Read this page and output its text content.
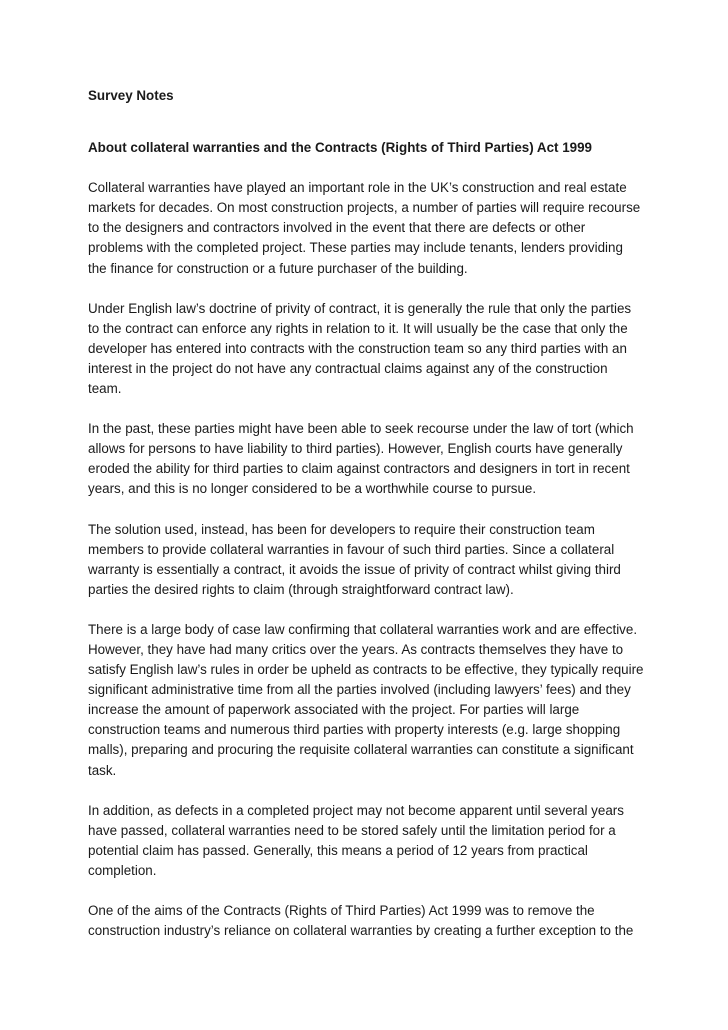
Survey Notes
About collateral warranties and the Contracts (Rights of Third Parties) Act 1999

Collateral warranties have played an important role in the UK’s construction and real estate markets for decades. On most construction projects, a number of parties will require recourse to the designers and contractors involved in the event that there are defects or other problems with the completed project. These parties may include tenants, lenders providing the finance for construction or a future purchaser of the building.

Under English law’s doctrine of privity of contract, it is generally the rule that only the parties to the contract can enforce any rights in relation to it. It will usually be the case that only the developer has entered into contracts with the construction team so any third parties with an interest in the project do not have any contractual claims against any of the construction team.

In the past, these parties might have been able to seek recourse under the law of tort (which allows for persons to have liability to third parties). However, English courts have generally eroded the ability for third parties to claim against contractors and designers in tort in recent years, and this is no longer considered to be a worthwhile course to pursue.

The solution used, instead, has been for developers to require their construction team members to provide collateral warranties in favour of such third parties. Since a collateral warranty is essentially a contract, it avoids the issue of privity of contract whilst giving third parties the desired rights to claim (through straightforward contract law).

There is a large body of case law confirming that collateral warranties work and are effective. However, they have had many critics over the years. As contracts themselves they have to satisfy English law’s rules in order be upheld as contracts to be effective, they typically require significant administrative time from all the parties involved (including lawyers’ fees) and they increase the amount of paperwork associated with the project. For parties will large construction teams and numerous third parties with property interests (e.g. large shopping malls), preparing and procuring the requisite collateral warranties can constitute a significant task.

In addition, as defects in a completed project may not become apparent until several years have passed, collateral warranties need to be stored safely until the limitation period for a potential claim has passed. Generally, this means a period of 12 years from practical completion.

One of the aims of the Contracts (Rights of Third Parties) Act 1999 was to remove the construction industry’s reliance on collateral warranties by creating a further exception to the
